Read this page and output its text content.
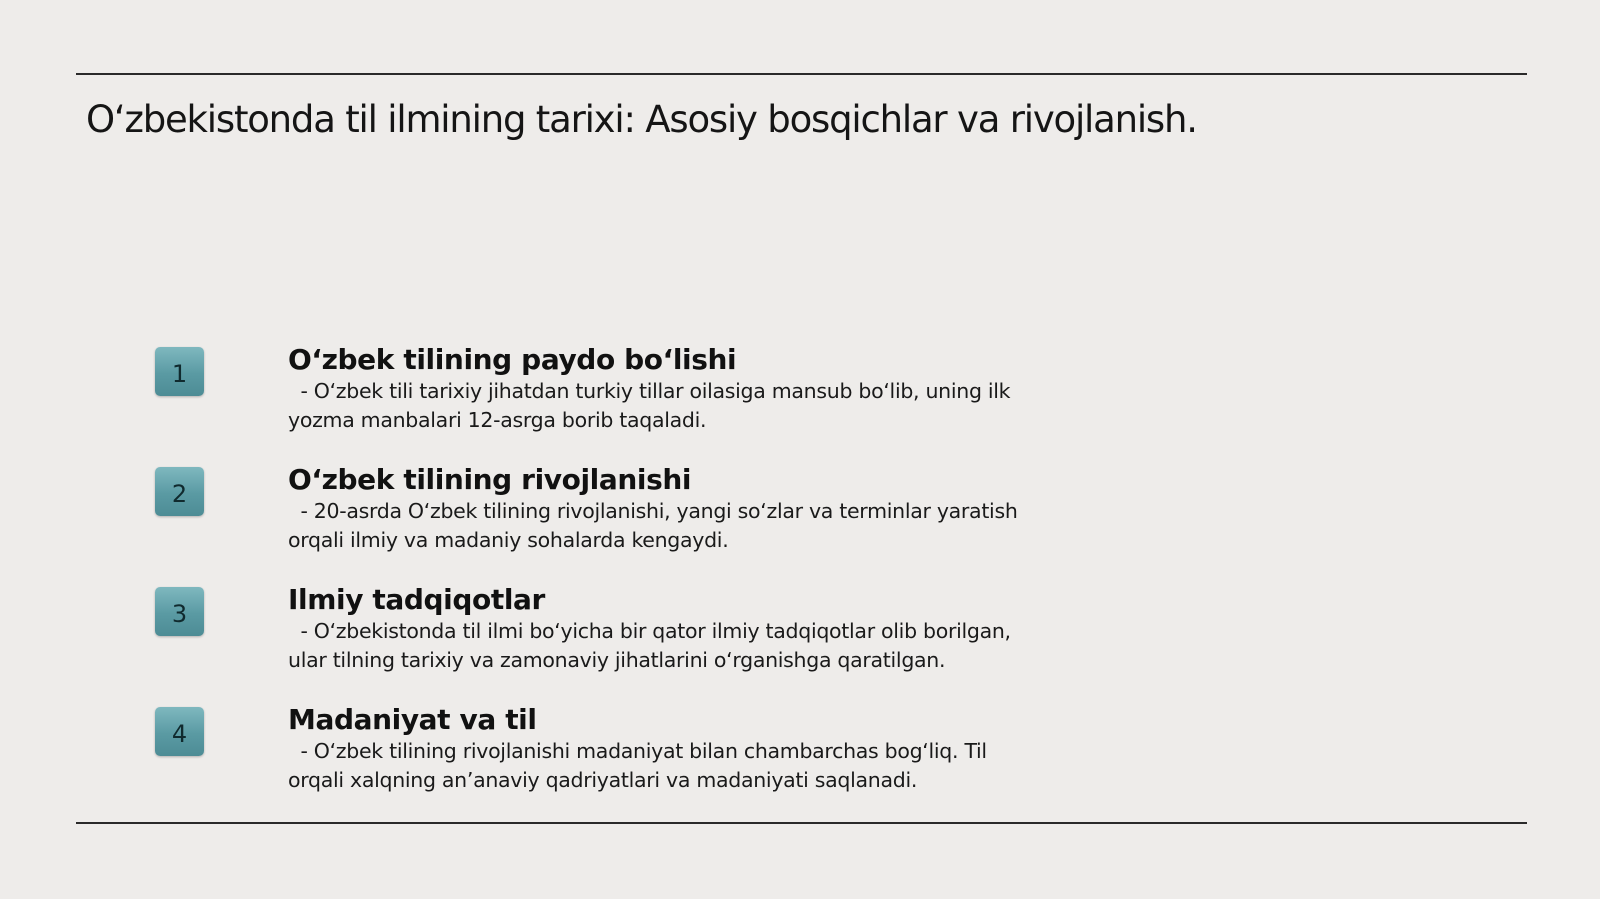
O‘zbekistonda til ilmining tarixi: Asosiy bosqichlar va rivojlanish.
1	O‘zbek tilining paydo bo‘lishi

- O‘zbek tili tarixiy jihatdan turkiy tillar oilasiga mansub bo‘lib, uning ilk

yozma manbalari 12-asrga borib taqaladi.

2	O‘zbek tilining rivojlanishi

- 20-asrda O‘zbek tilining rivojlanishi, yangi so‘zlar va terminlar yaratish

orqali ilmiy va madaniy sohalarda kengaydi.

3	Ilmiy tadqiqotlar

- O‘zbekistonda til ilmi bo‘yicha bir qator ilmiy tadqiqotlar olib borilgan,

ular tilning tarixiy va zamonaviy jihatlarini o‘rganishga qaratilgan.

4	Madaniyat va til

- O‘zbek tilining rivojlanishi madaniyat bilan chambarchas bog‘liq. Til

orqali xalqning an’anaviy qadriyatlari va madaniyati saqlanadi.
